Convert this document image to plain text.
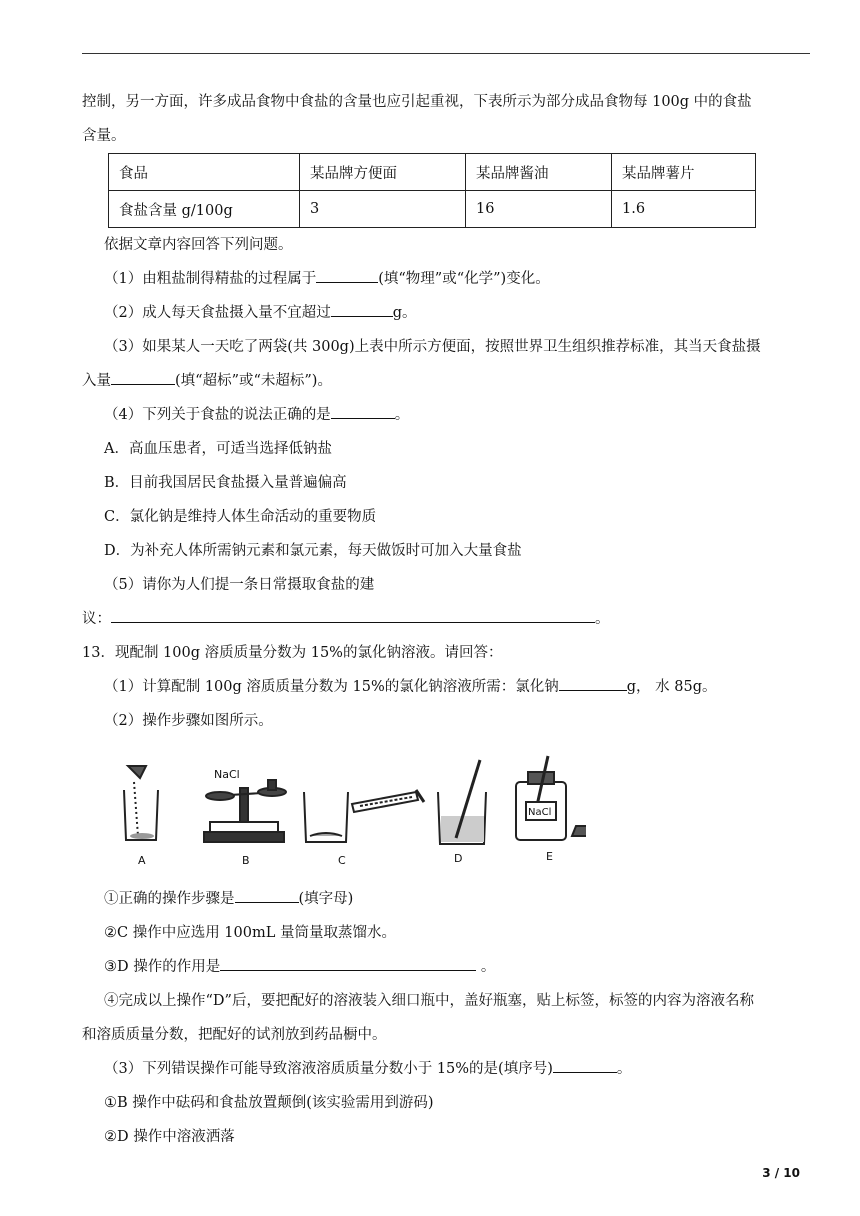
控制，另一方面，许多成品食物中食盐的含量也应引起重视，下表所示为部分成品食物每 100g 中的食盐

含量。

食品	某品牌方便面	某品牌酱油	某品牌薯片
食盐含量 g/100g	3	16	1.6

依据文章内容回答下列问题。

（1）由粗盐制得精盐的过程属于	(填“物理”或“化学”)变化。

（2）成人每天食盐摄入量不宜超过	g。

（3）如果某人一天吃了两袋(共 300g)上表中所示方便面，按照世界卫生组织推荐标准，其当天食盐摄

入量	(填“超标”或“未超标”)。

（4）下列关于食盐的说法正确的是	。

A．高血压患者，可适当选择低钠盐

B．目前我国居民食盐摄入量普遍偏高

C．氯化钠是维持人体生命活动的重要物质

D．为补充人体所需钠元素和氯元素，每天做饭时可加入大量食盐

（5）请你为人们提一条日常摄取食盐的建

议：	。

13．现配制 100g 溶质质量分数为 15%的氯化钠溶液。请回答：

（1）计算配制 100g 溶质质量分数为 15%的氯化钠溶液所需：氯化钠	g， 水 85g。

（2）操作步骤如图所示。

NaCl
NaCl
A	B	C	D	E

①正确的操作步骤是	(填字母)

②C 操作中应选用 100mL 量筒量取蒸馏水。

③D 操作的作用是	。

④完成以上操作“D”后，要把配好的溶液装入细口瓶中，盖好瓶塞，贴上标签，标签的内容为溶液名称

和溶质质量分数，把配好的试剂放到药品橱中。

（3）下列错误操作可能导致溶液溶质质量分数小于 15%的是(填序号)	。

①B 操作中砝码和食盐放置颠倒(该实验需用到游码)

②D 操作中溶液洒落

3 / 10
